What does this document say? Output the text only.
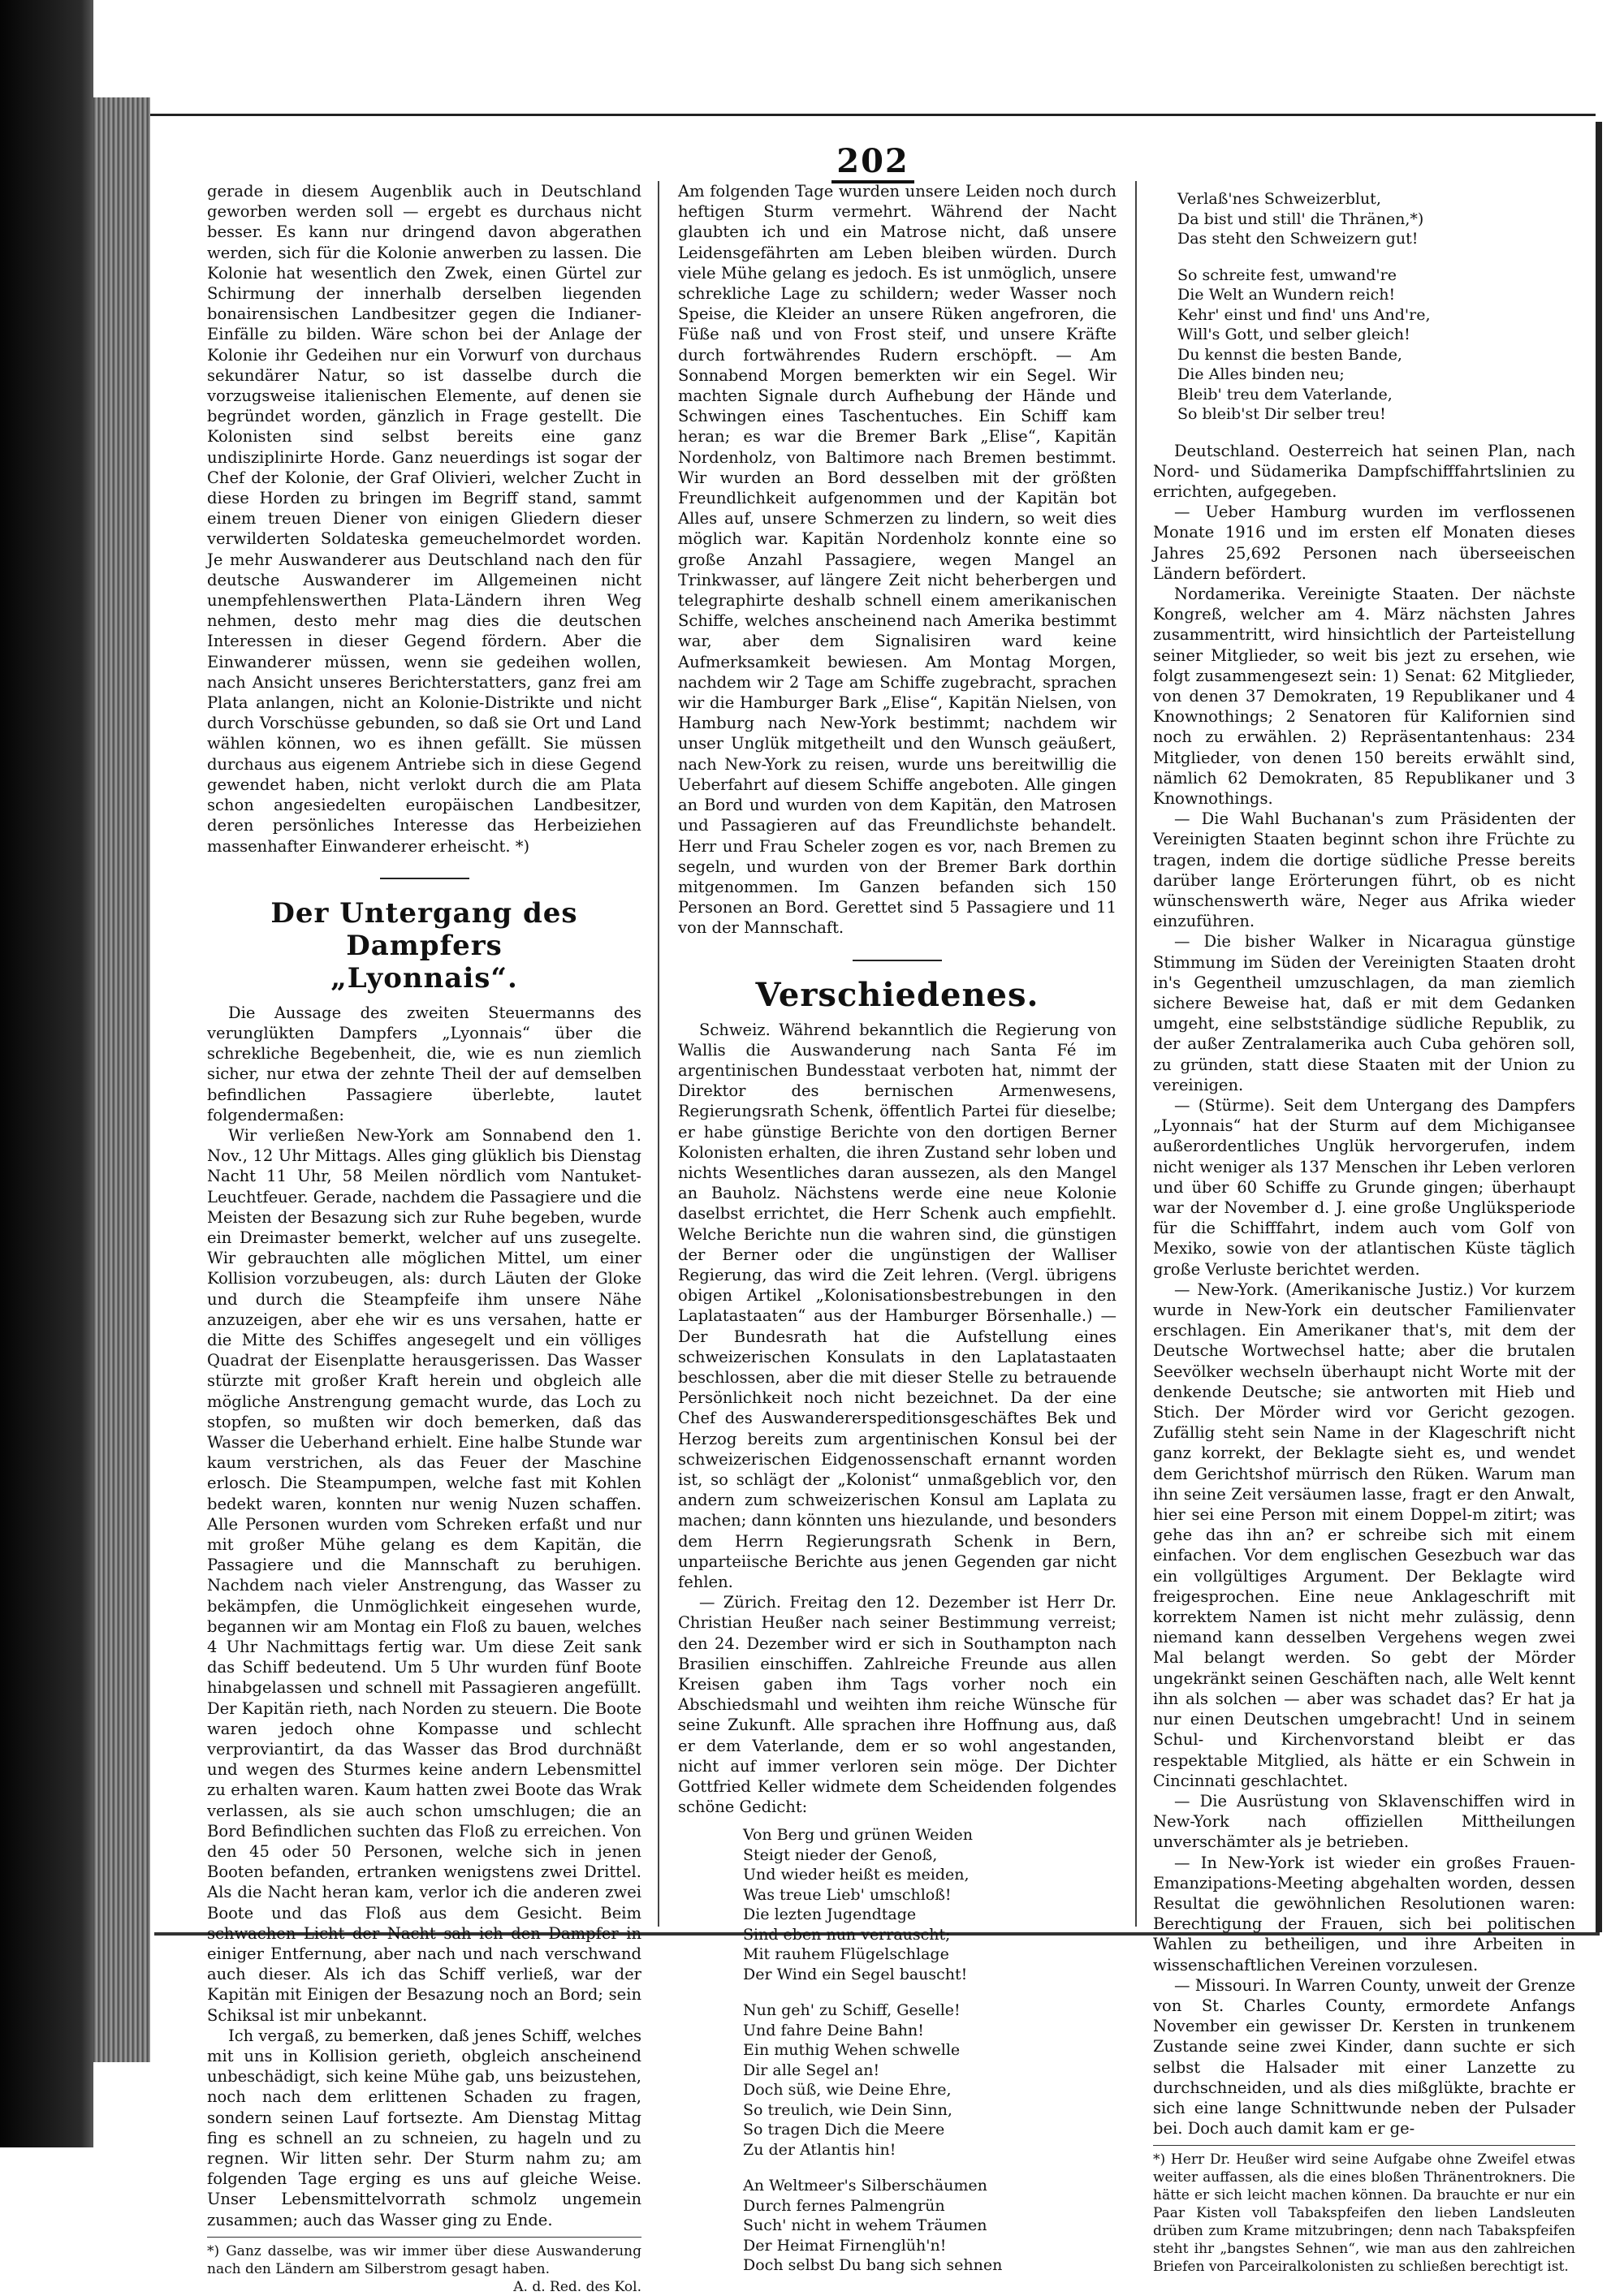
202

gerade in diesem Augenblik auch in Deutschland geworben werden soll — ergebt es durchaus nicht besser. Es kann nur dringend davon abgerathen werden, sich für die Kolonie anwerben zu lassen. Die Kolonie hat wesentlich den Zwek, einen Gürtel zur Schirmung der innerhalb derselben liegenden bonairensischen Landbesitzer gegen die Indianer-Einfälle zu bilden. Wäre schon bei der Anlage der Kolonie ihr Gedeihen nur ein Vorwurf von durchaus sekundärer Natur, so ist dasselbe durch die vorzugsweise italienischen Elemente, auf denen sie begründet worden, gänzlich in Frage gestellt. Die Kolonisten sind selbst bereits eine ganz undisziplinirte Horde. Ganz neuerdings ist sogar der Chef der Kolonie, der Graf Olivieri, welcher Zucht in diese Horden zu bringen im Begriff stand, sammt einem treuen Diener von einigen Gliedern dieser verwilderten Soldateska gemeuchelmordet worden. Je mehr Auswanderer aus Deutschland nach den für deutsche Auswanderer im Allgemeinen nicht unempfehlenswerthen Plata-Ländern ihren Weg nehmen, desto mehr mag dies die deutschen Interessen in dieser Gegend fördern. Aber die Einwanderer müssen, wenn sie gedeihen wollen, nach Ansicht unseres Berichterstatters, ganz frei am Plata anlangen, nicht an Kolonie-Distrikte und nicht durch Vorschüsse gebunden, so daß sie Ort und Land wählen können, wo es ihnen gefällt. Sie müssen durchaus aus eigenem Antriebe sich in diese Gegend gewendet haben, nicht verlokt durch die am Plata schon angesiedelten europäischen Landbesitzer, deren persönliches Interesse das Herbeiziehen massenhafter Einwanderer erheischt. *)

Der Untergang des Dampfers
„Lyonnais“.

Die Aussage des zweiten Steuermanns des verunglükten Dampfers „Lyonnais“ über die schrekliche Begebenheit, die, wie es nun ziemlich sicher, nur etwa der zehnte Theil der auf demselben befindlichen Passagiere überlebte, lautet folgendermaßen:

Wir verließen New-York am Sonnabend den 1. Nov., 12 Uhr Mittags. Alles ging glüklich bis Dienstag Nacht 11 Uhr, 58 Meilen nördlich vom Nantuket-Leuchtfeuer. Gerade, nachdem die Passagiere und die Meisten der Besazung sich zur Ruhe begeben, wurde ein Dreimaster bemerkt, welcher auf uns zusegelte. Wir gebrauchten alle möglichen Mittel, um einer Kollision vorzubeugen, als: durch Läuten der Gloke und durch die Steampfeife ihm unsere Nähe anzuzeigen, aber ehe wir es uns versahen, hatte er die Mitte des Schiffes angesegelt und ein völliges Quadrat der Eisenplatte herausgerissen. Das Wasser stürzte mit großer Kraft herein und obgleich alle mögliche Anstrengung gemacht wurde, das Loch zu stopfen, so mußten wir doch bemerken, daß das Wasser die Ueberhand erhielt. Eine halbe Stunde war kaum verstrichen, als das Feuer der Maschine erlosch. Die Steampumpen, welche fast mit Kohlen bedekt waren, konnten nur wenig Nuzen schaffen. Alle Personen wurden vom Schreken erfaßt und nur mit großer Mühe gelang es dem Kapitän, die Passagiere und die Mannschaft zu beruhigen. Nachdem nach vieler Anstrengung, das Wasser zu bekämpfen, die Unmöglichkeit eingesehen wurde, begannen wir am Montag ein Floß zu bauen, welches 4 Uhr Nachmittags fertig war. Um diese Zeit sank das Schiff bedeutend. Um 5 Uhr wurden fünf Boote hinabgelassen und schnell mit Passagieren angefüllt. Der Kapitän rieth, nach Norden zu steuern. Die Boote waren jedoch ohne Kompasse und schlecht verproviantirt, da das Wasser das Brod durchnäßt und wegen des Sturmes keine andern Lebensmittel zu erhalten waren. Kaum hatten zwei Boote das Wrak verlassen, als sie auch schon umschlugen; die an Bord Befindlichen suchten das Floß zu erreichen. Von den 45 oder 50 Personen, welche sich in jenen Booten befanden, ertranken wenigstens zwei Drittel. Als die Nacht heran kam, verlor ich die anderen zwei Boote und das Floß aus dem Gesicht. Beim schwachen Licht der Nacht sah ich den Dampfer in einiger Entfernung, aber nach und nach verschwand auch dieser. Als ich das Schiff verließ, war der Kapitän mit Einigen der Besazung noch an Bord; sein Schiksal ist mir unbekannt.

Ich vergaß, zu bemerken, daß jenes Schiff, welches mit uns in Kollision gerieth, obgleich anscheinend unbeschädigt, sich keine Mühe gab, uns beizustehen, noch nach dem erlittenen Schaden zu fragen, sondern seinen Lauf fortsezte. Am Dienstag Mittag fing es schnell an zu schneien, zu hageln und zu regnen. Wir litten sehr. Der Sturm nahm zu; am folgenden Tage erging es uns auf gleiche Weise. Unser Lebensmittelvorrath schmolz ungemein zusammen; auch das Wasser ging zu Ende.

*) Ganz dasselbe, was wir immer über diese Auswanderung nach den Ländern am Silberstrom gesagt haben.
A. d. Red. des Kol.

Am folgenden Tage wurden unsere Leiden noch durch heftigen Sturm vermehrt. Während der Nacht glaubten ich und ein Matrose nicht, daß unsere Leidensgefährten am Leben bleiben würden. Durch viele Mühe gelang es jedoch. Es ist unmöglich, unsere schrekliche Lage zu schildern; weder Wasser noch Speise, die Kleider an unsere Rüken angefroren, die Füße naß und von Frost steif, und unsere Kräfte durch fortwährendes Rudern erschöpft. — Am Sonnabend Morgen bemerkten wir ein Segel. Wir machten Signale durch Aufhebung der Hände und Schwingen eines Taschentuches. Ein Schiff kam heran; es war die Bremer Bark „Elise“, Kapitän Nordenholz, von Baltimore nach Bremen bestimmt. Wir wurden an Bord desselben mit der größten Freundlichkeit aufgenommen und der Kapitän bot Alles auf, unsere Schmerzen zu lindern, so weit dies möglich war. Kapitän Nordenholz konnte eine so große Anzahl Passagiere, wegen Mangel an Trinkwasser, auf längere Zeit nicht beherbergen und telegraphirte deshalb schnell einem amerikanischen Schiffe, welches anscheinend nach Amerika bestimmt war, aber dem Signalisiren ward keine Aufmerksamkeit bewiesen. Am Montag Morgen, nachdem wir 2 Tage am Schiffe zugebracht, sprachen wir die Hamburger Bark „Elise“, Kapitän Nielsen, von Hamburg nach New-York bestimmt; nachdem wir unser Unglük mitgetheilt und den Wunsch geäußert, nach New-York zu reisen, wurde uns bereitwillig die Ueberfahrt auf diesem Schiffe angeboten. Alle gingen an Bord und wurden von dem Kapitän, den Matrosen und Passagieren auf das Freundlichste behandelt. Herr und Frau Scheler zogen es vor, nach Bremen zu segeln, und wurden von der Bremer Bark dorthin mitgenommen. Im Ganzen befanden sich 150 Personen an Bord. Gerettet sind 5 Passagiere und 11 von der Mannschaft.

Verschiedenes.

Schweiz. Während bekanntlich die Regierung von Wallis die Auswanderung nach Santa Fé im argentinischen Bundesstaat verboten hat, nimmt der Direktor des bernischen Armenwesens, Regierungsrath Schenk, öffentlich Partei für dieselbe; er habe günstige Berichte von den dortigen Berner Kolonisten erhalten, die ihren Zustand sehr loben und nichts Wesentliches daran aussezen, als den Mangel an Bauholz. Nächstens werde eine neue Kolonie daselbst errichtet, die Herr Schenk auch empfiehlt. Welche Berichte nun die wahren sind, die günstigen der Berner oder die ungünstigen der Walliser Regierung, das wird die Zeit lehren. (Vergl. übrigens obigen Artikel „Kolonisationsbestrebungen in den Laplatastaaten“ aus der Hamburger Börsenhalle.) — Der Bundesrath hat die Aufstellung eines schweizerischen Konsulats in den Laplatastaaten beschlossen, aber die mit dieser Stelle zu betrauende Persönlichkeit noch nicht bezeichnet. Da der eine Chef des Auswandererspeditionsgeschäftes Bek und Herzog bereits zum argentinischen Konsul bei der schweizerischen Eidgenossenschaft ernannt worden ist, so schlägt der „Kolonist“ unmaßgeblich vor, den andern zum schweizerischen Konsul am Laplata zu machen; dann könnten uns hiezulande, und besonders dem Herrn Regierungsrath Schenk in Bern, unparteiische Berichte aus jenen Gegenden gar nicht fehlen.

— Zürich. Freitag den 12. Dezember ist Herr Dr. Christian Heußer nach seiner Bestimmung verreist; den 24. Dezember wird er sich in Southampton nach Brasilien einschiffen. Zahlreiche Freunde aus allen Kreisen gaben ihm Tags vorher noch ein Abschiedsmahl und weihten ihm reiche Wünsche für seine Zukunft. Alle sprachen ihre Hoffnung aus, daß er dem Vaterlande, dem er so wohl angestanden, nicht auf immer verloren sein möge. Der Dichter Gottfried Keller widmete dem Scheidenden folgendes schöne Gedicht:

Von Berg und grünen Weiden
Steigt nieder der Genoß,
Und wieder heißt es meiden,
Was treue Lieb' umschloß!
Die lezten Jugendtage
Sind eben nun verrauscht;
Mit rauhem Flügelschlage
Der Wind ein Segel bauscht!
Nun geh' zu Schiff, Geselle!
Und fahre Deine Bahn!
Ein muthig Wehen schwelle
Dir alle Segel an!
Doch süß, wie Deine Ehre,
So treulich, wie Dein Sinn,
So tragen Dich die Meere
Zu der Atlantis hin!
An Weltmeer's Silberschäumen
Durch fernes Palmengrün
Such' nicht in wehem Träumen
Der Heimat Firnenglüh'n!
Doch selbst Du bang sich sehnen
Verlaß'nes Schweizerblut,
Da bist und still' die Thränen,*)
Das steht den Schweizern gut!
So schreite fest, umwand're
Die Welt an Wundern reich!
Kehr' einst und find' uns And're,
Will's Gott, und selber gleich!
Du kennst die besten Bande,
Die Alles binden neu;
Bleib' treu dem Vaterlande,
So bleib'st Dir selber treu!

Deutschland. Oesterreich hat seinen Plan, nach Nord- und Südamerika Dampfschifffahrtslinien zu errichten, aufgegeben.

— Ueber Hamburg wurden im verflossenen Monate 1916 und im ersten elf Monaten dieses Jahres 25,692 Personen nach überseeischen Ländern befördert.

Nordamerika. Vereinigte Staaten. Der nächste Kongreß, welcher am 4. März nächsten Jahres zusammentritt, wird hinsichtlich der Parteistellung seiner Mitglieder, so weit bis jezt zu ersehen, wie folgt zusammengesezt sein: 1) Senat: 62 Mitglieder, von denen 37 Demokraten, 19 Republikaner und 4 Knownothings; 2 Senatoren für Kalifornien sind noch zu erwählen. 2) Repräsentantenhaus: 234 Mitglieder, von denen 150 bereits erwählt sind, nämlich 62 Demokraten, 85 Republikaner und 3 Knownothings.

— Die Wahl Buchanan's zum Präsidenten der Vereinigten Staaten beginnt schon ihre Früchte zu tragen, indem die dortige südliche Presse bereits darüber lange Erörterungen führt, ob es nicht wünschenswerth wäre, Neger aus Afrika wieder einzuführen.

— Die bisher Walker in Nicaragua günstige Stimmung im Süden der Vereinigten Staaten droht in's Gegentheil umzuschlagen, da man ziemlich sichere Beweise hat, daß er mit dem Gedanken umgeht, eine selbstständige südliche Republik, zu der außer Zentralamerika auch Cuba gehören soll, zu gründen, statt diese Staaten mit der Union zu vereinigen.

— (Stürme). Seit dem Untergang des Dampfers „Lyonnais“ hat der Sturm auf dem Michigansee außerordentliches Unglük hervorgerufen, indem nicht weniger als 137 Menschen ihr Leben verloren und über 60 Schiffe zu Grunde gingen; überhaupt war der November d. J. eine große Unglüksperiode für die Schifffahrt, indem auch vom Golf von Mexiko, sowie von der atlantischen Küste täglich große Verluste berichtet werden.

— New-York. (Amerikanische Justiz.) Vor kurzem wurde in New-York ein deutscher Familienvater erschlagen. Ein Amerikaner that's, mit dem der Deutsche Wortwechsel hatte; aber die brutalen Seevölker wechseln überhaupt nicht Worte mit der denkende Deutsche; sie antworten mit Hieb und Stich. Der Mörder wird vor Gericht gezogen. Zufällig steht sein Name in der Klageschrift nicht ganz korrekt, der Beklagte sieht es, und wendet dem Gerichtshof mürrisch den Rüken. Warum man ihn seine Zeit versäumen lasse, fragt er den Anwalt, hier sei eine Person mit einem Doppel-m zitirt; was gehe das ihn an? er schreibe sich mit einem einfachen. Vor dem englischen Gesezbuch war das ein vollgültiges Argument. Der Beklagte wird freigesprochen. Eine neue Anklageschrift mit korrektem Namen ist nicht mehr zulässig, denn niemand kann desselben Vergehens wegen zwei Mal belangt werden. So gebt der Mörder ungekränkt seinen Geschäften nach, alle Welt kennt ihn als solchen — aber was schadet das? Er hat ja nur einen Deutschen umgebracht! Und in seinem Schul- und Kirchenvorstand bleibt er das respektable Mitglied, als hätte er ein Schwein in Cincinnati geschlachtet.

— Die Ausrüstung von Sklavenschiffen wird in New-York nach offiziellen Mittheilungen unverschämter als je betrieben.

— In New-York ist wieder ein großes Frauen-Emanzipations-Meeting abgehalten worden, dessen Resultat die gewöhnlichen Resolutionen waren: Berechtigung der Frauen, sich bei politischen Wahlen zu betheiligen, und ihre Arbeiten in wissenschaftlichen Vereinen vorzulesen.

— Missouri. In Warren County, unweit der Grenze von St. Charles County, ermordete Anfangs November ein gewisser Dr. Kersten in trunkenem Zustande seine zwei Kinder, dann suchte er sich selbst die Halsader mit einer Lanzette zu durchschneiden, und als dies mißglükte, brachte er sich eine lange Schnittwunde neben der Pulsader bei. Doch auch damit kam er ge-

*) Herr Dr. Heußer wird seine Aufgabe ohne Zweifel etwas weiter auffassen, als die eines bloßen Thränentrokners. Die hätte er sich leicht machen können. Da brauchte er nur ein Paar Kisten voll Tabakspfeifen den lieben Landsleuten drüben zum Krame mitzubringen; denn nach Tabakspfeifen steht ihr „bangstes Sehnen“, wie man aus den zahlreichen Briefen von Parceiralkolonisten zu schließen berechtigt ist.
